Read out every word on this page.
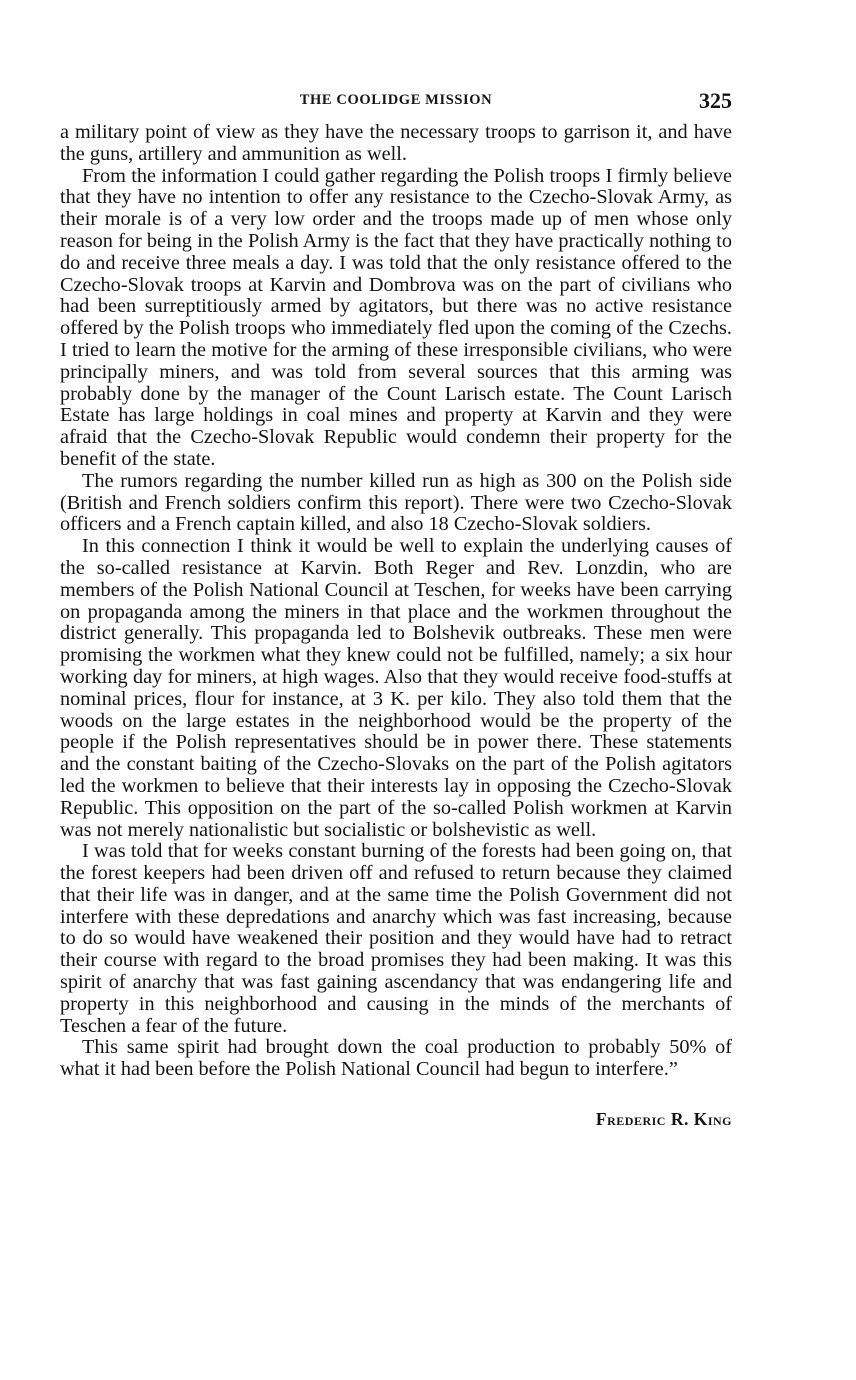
THE COOLIDGE MISSION	325

a military point of view as they have the necessary troops to garrison it, and have the guns, artillery and ammunition as well.

From the information I could gather regarding the Polish troops I firmly believe that they have no intention to offer any resistance to the Czecho-Slovak Army, as their morale is of a very low order and the troops made up of men whose only reason for being in the Polish Army is the fact that they have practically nothing to do and receive three meals a day. I was told that the only resistance offered to the Czecho-Slovak troops at Karvin and Dombrova was on the part of civilians who had been surreptitiously armed by agitators, but there was no active resistance offered by the Polish troops who immediately fled upon the coming of the Czechs. I tried to learn the motive for the arming of these irresponsible civilians, who were principally miners, and was told from several sources that this arming was probably done by the manager of the Count Larisch estate. The Count Larisch Estate has large holdings in coal mines and property at Karvin and they were afraid that the Czecho-Slovak Republic would condemn their property for the benefit of the state.

The rumors regarding the number killed run as high as 300 on the Polish side (British and French soldiers confirm this report). There were two Czecho-Slovak officers and a French captain killed, and also 18 Czecho-Slovak soldiers.

In this connection I think it would be well to explain the underlying causes of the so-called resistance at Karvin. Both Reger and Rev. Lonzdin, who are members of the Polish National Council at Teschen, for weeks have been carrying on propaganda among the miners in that place and the workmen throughout the district generally. This propaganda led to Bolshevik outbreaks. These men were promising the workmen what they knew could not be fulfilled, namely; a six hour working day for miners, at high wages. Also that they would receive food-stuffs at nominal prices, flour for instance, at 3 K. per kilo. They also told them that the woods on the large estates in the neighborhood would be the property of the people if the Polish representatives should be in power there. These statements and the constant baiting of the Czecho-Slovaks on the part of the Polish agitators led the workmen to believe that their interests lay in opposing the Czecho-Slovak Republic. This opposition on the part of the so-called Polish workmen at Karvin was not merely nationalistic but socialistic or bolshevistic as well.

I was told that for weeks constant burning of the forests had been going on, that the forest keepers had been driven off and refused to return because they claimed that their life was in danger, and at the same time the Polish Government did not interfere with these depredations and anarchy which was fast increasing, because to do so would have weakened their position and they would have had to retract their course with regard to the broad promises they had been making. It was this spirit of anarchy that was fast gaining ascendancy that was endangering life and property in this neighborhood and causing in the minds of the merchants of Teschen a fear of the future.

This same spirit had brought down the coal production to probably 50% of what it had been before the Polish National Council had begun to interfere.”

Frederic R. King
